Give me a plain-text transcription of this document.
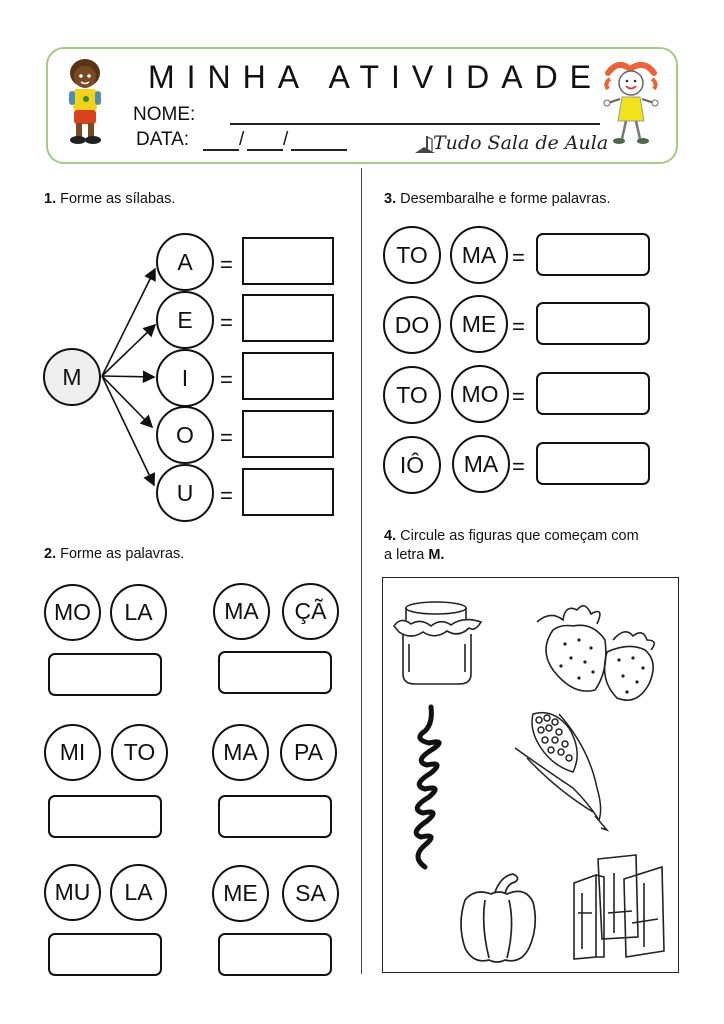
MINHA ATIVIDADE
NOME:
DATA:	/ /	Tudo Sala de Aula
1. Forme as sílabas.
M
A
E
I
O
U
=
=
=
=
=
2. Forme as palavras.
MO	LA	MA	ÇÃ
MI	TO	MA	PA
MU	LA	ME	SA
3. Desembaralhe e forme palavras.
TO	MA =
DO	ME =
TO	MO =
IÔ	MA =
4. Circule as figuras que começam com
a letra M.
